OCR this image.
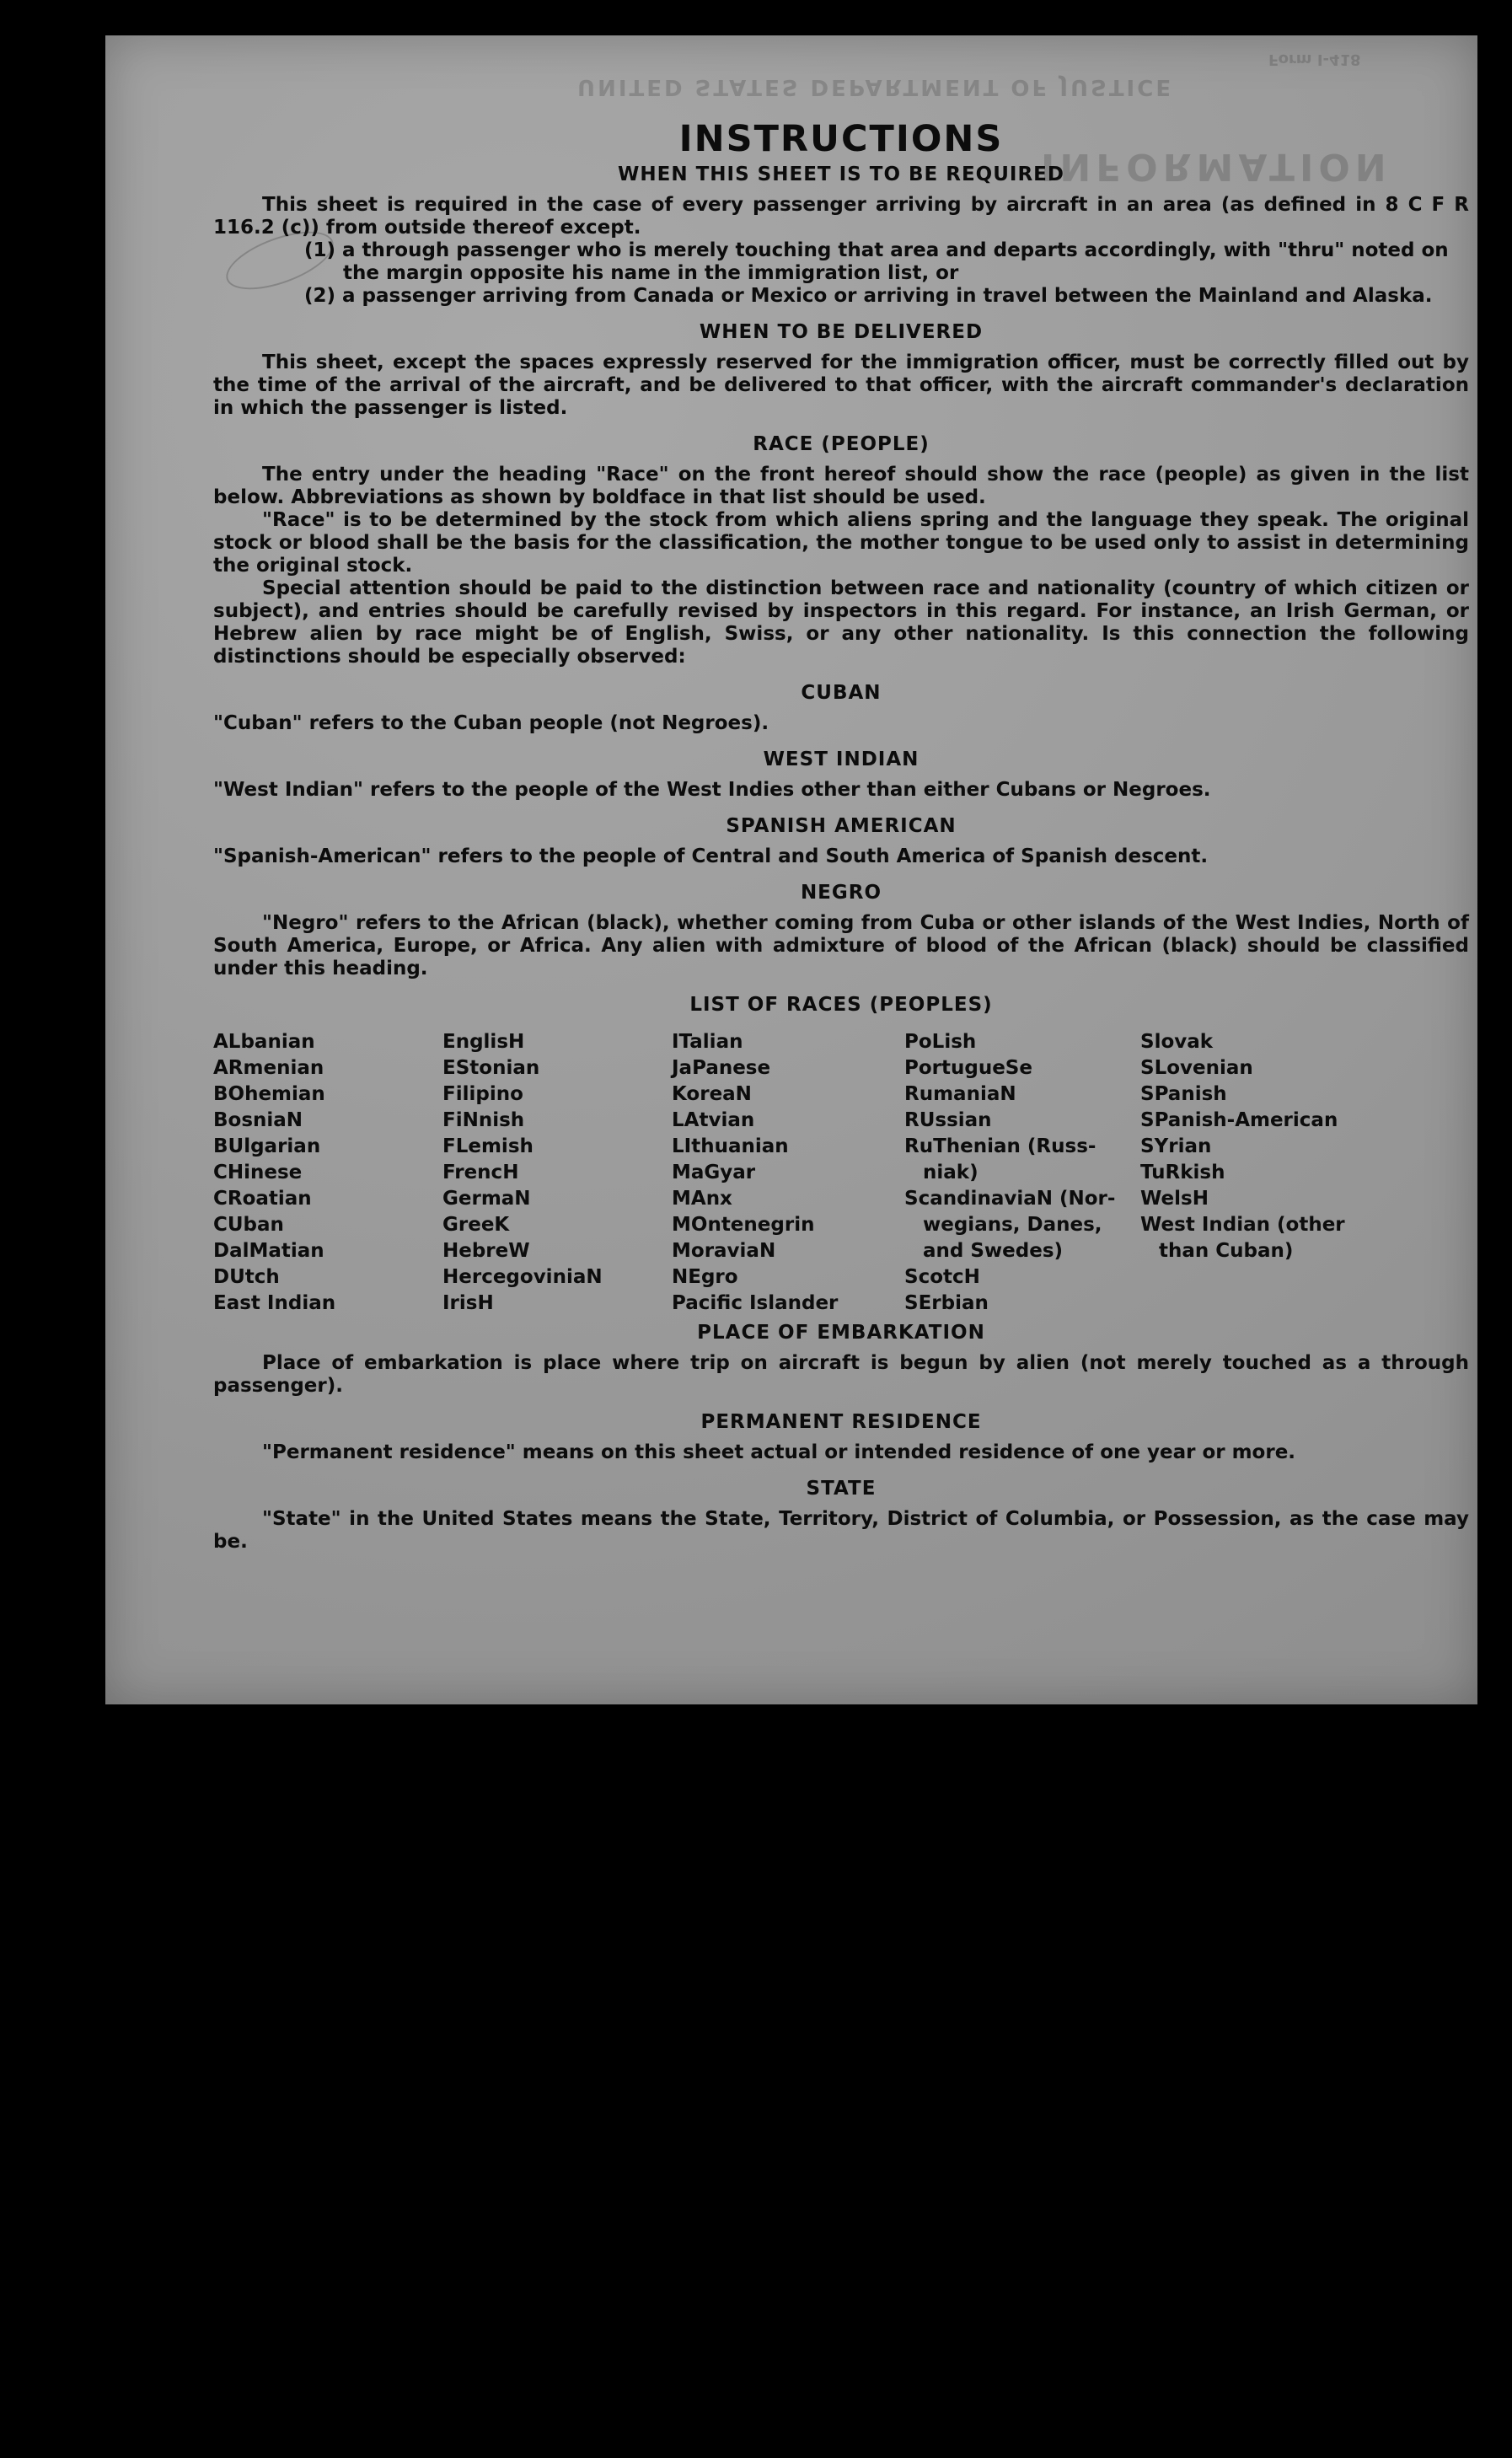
UNITED STATES DEPARTMENT OF JUSTICE
INFORMATION
Form I-418
INSTRUCTIONS
WHEN THIS SHEET IS TO BE REQUIRED

This sheet is required in the case of every passenger arriving by aircraft in an area (as defined in 8 C F R 116.2 (c)) from outside thereof except.

(1) a through passenger who is merely touching that area and departs accordingly, with "thru" noted on the margin opposite his name in the immigration list, or

(2) a passenger arriving from Canada or Mexico or arriving in travel between the Mainland and Alaska.

WHEN TO BE DELIVERED

This sheet, except the spaces expressly reserved for the immigration officer, must be correctly filled out by the time of the arrival of the aircraft, and be delivered to that officer, with the aircraft commander's declaration in which the passenger is listed.

RACE (PEOPLE)

The entry under the heading "Race" on the front hereof should show the race (people) as given in the list below. Abbreviations as shown by boldface in that list should be used.

"Race" is to be determined by the stock from which aliens spring and the language they speak. The original stock or blood shall be the basis for the classification, the mother tongue to be used only to assist in determining the original stock.

Special attention should be paid to the distinction between race and nationality (country of which citizen or subject), and entries should be carefully revised by inspectors in this regard. For instance, an Irish German, or Hebrew alien by race might be of English, Swiss, or any other nationality. Is this connection the following distinctions should be especially observed:

CUBAN

"Cuban" refers to the Cuban people (not Negroes).

WEST INDIAN

"West Indian" refers to the people of the West Indies other than either Cubans or Negroes.

SPANISH AMERICAN

"Spanish-American" refers to the people of Central and South America of Spanish descent.

NEGRO

"Negro" refers to the African (black), whether coming from Cuba or other islands of the West Indies, North of South America, Europe, or Africa. Any alien with admixture of blood of the African (black) should be classified under this heading.

LIST OF RACES (PEOPLES)
ALbanian
ARmenian
BOhemian
BosniaN
BUlgarian
CHinese
CRoatian
CUban
DalMatian
DUtch
East Indian
EnglisH
EStonian
Filipino
FiNnish
FLemish
FrencH
GermaN
GreeK
HebreW
HercegoviniaN
IrisH
ITalian
JaPanese
KoreaN
LAtvian
LIthuanian
MaGyar
MAnx
MOntenegrin
MoraviaN
NEgro
Pacific Islander
PoLish
PortugueSe
RumaniaN
RUssian
RuThenian (Russ-
niak)
ScandinaviaN (Nor-
wegians, Danes,
and Swedes)
ScotcH
SErbian
Slovak
SLovenian
SPanish
SPanish-American
SYrian
TuRkish
WelsH
West Indian (other
than Cuban)
PLACE OF EMBARKATION

Place of embarkation is place where trip on aircraft is begun by alien (not merely touched as a through passenger).

PERMANENT RESIDENCE

"Permanent residence" means on this sheet actual or intended residence of one year or more.

STATE

"State" in the United States means the State, Territory, District of Columbia, or Possession, as the case may be.
